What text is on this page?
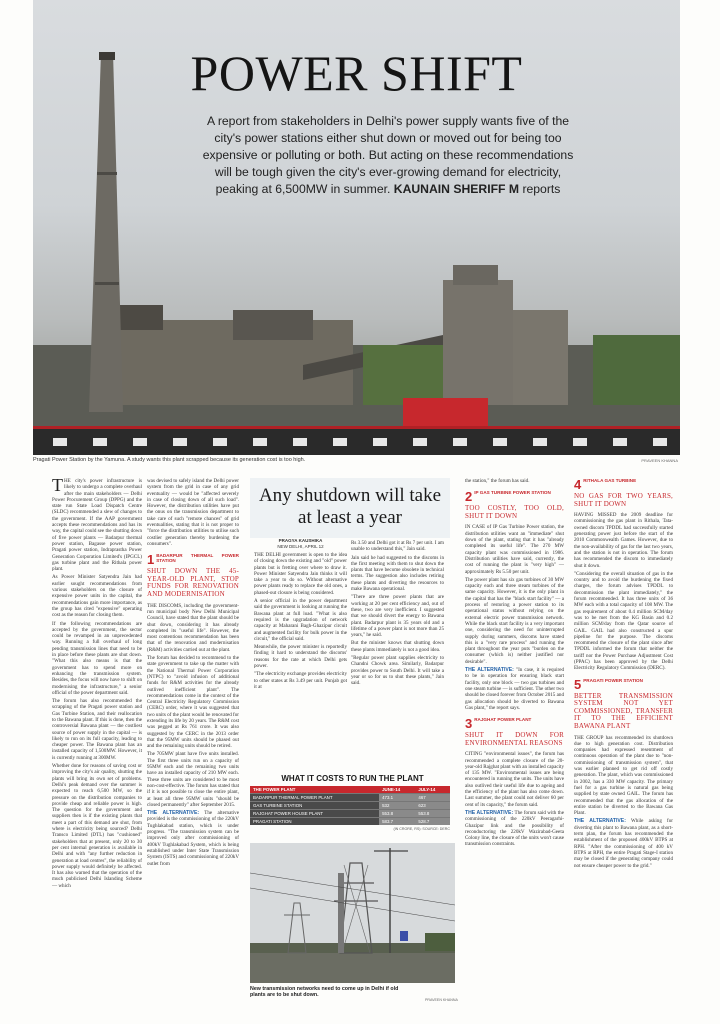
POWER SHIFT
A report from stakeholders in Delhi's power supply wants five of the city's power stations either shut down or moved out for being too expensive or polluting or both. But acting on these recommendations will be tough given the city's ever-growing demand for electricity, peaking at 6,500MW in summer. KAUNAIN SHERIFF M reports
Pragati Power Station by the Yamuna. A study wants this plant scrapped because its generation cost is too high.	PRAVEEN KHANNA

THE city's power infrastructure is likely to undergo a complete overhaul after the main stakeholders — Delhi Power Procurement Group (DPPG) and the state run State Load Dispatch Centre (SLDC) recommended a slew of changes to the government. If the AAP government accepts these recommendations and has its way, the capital could see the shutting down of five power plants — Badarpur thermal power station, Bagasse power station, Pragati power station, Indraprastha Power Generation Corporation Limited's (IPGCL) gas turbine plant and the Rithala power plant.

As Power Minister Satyendra Jain had earlier sought recommendations from various stakeholders on the closure of expensive power units in the capital, the recommendations gain more importance, as the group has cited "expensive" operating cost as the reason for closing them.

If the following recommendations are accepted by the government, the sector could be revamped in an unprecedented way. Running a full overhaul of long pending transmission lines that need to be in place before these plants are shut down. "What this also means is that the government has to spend more on enhancing the transmission system. Besides, the focus will now have to shift on modernising the infrastructure," a senior official of the power department said.

The forum has also recommended the scrapping of the Pragati power station and Gas Turbine Station, and their reallocation to the Bawana plant. If this is done, then the controversial Bawana plant — the costliest source of power supply in the capital — is likely to run on its full capacity, leading to cheaper power. The Bawana plant has an installed capacity of 1,500MW. However, it is currently running at 300MW.

Whether done for reasons of saving cost or improving the city's air quality, shutting the plants will bring its own set of problems. Delhi's peak demand over the summer is expected to reach 6,500 MW, so the pressure on the distribution companies to provide cheap and reliable power is high. The question for the government and suppliers then is if the existing plants that meet a part of this demand are shut, from where is electricity being sourced? Delhi Transco Limited (DTL) has "cushioned" stakeholders that at present, only 20 to 30 per cent internal generation is available in Delhi and with "any further reduction in generation at load centres", the reliability of power supply would definitely be affected. It has also warned that the operation of the much publicised Delhi Islanding Scheme — which

was devised to safely island the Delhi power system from the grid in case of any grid eventuality — would be "affected severely in case of closing down of all such load". However, the distribution utilities have put the onus on the transmission department to take care of such "remote chances" of grid eventualities, stating that it is not proper to "force the distribution utilities to utilise such costlier generation thereby burdening the consumers".

1 BADARPUR THERMAL POWER STATION
SHUT DOWN THE 45-YEAR-OLD PLANT, STOP FUNDS FOR RENOVATION AND MODERNISATION

THE DISCOMS, including the government-run municipal body New Delhi Municipal Council, have stated that the plant should be shut down, considering it has already completed its "useful life". However, the most contentious recommendation has been that of the renovation and modernisation (R&M) activities carried out at the plant.

The forum has decided to recommend to the state government to take up the matter with the National Thermal Power Corporation (NTPC) to "avoid infusion of additional funds for R&M activities for the already outlived inefficient plant". The recommendations come in the context of the Central Electricity Regulatory Commission (CERC) order, where it was suggested that two units of the plant would be renovated for extending its life by 20 years. The R&M cost was pegged at Rs 761 crore. It was also suggested by the CERC in the 2013 order that the 95MW units should be phased out and the remaining units should be retired.

The 705MW plant have five units installed. The first three units run on a capacity of 95MW each and the remaining two units have an installed capacity of 210 MW each. These three units are considered to be most non-cost-effective. The forum has stated that if it is not possible to close the entire plant, at least all three 95MW units "should be closed permanently" after September 2015.

THE ALTERNATIVE: The alternative provided is the commissioning of the 220kV Tughlakabad station, which is under progress. "The transmission system can be improved only after commissioning of 400kV Tughlakabad System, which is being established under Inter State Transmission System (ISTS) and commissioning of 220kV outlet from

Any shutdown will take at least a year
PRAGYA KAUSHIKA
NEW DELHI, APRIL 12

THE DELHI government is open to the idea of closing down the existing and "old" power plants but is fretting over where to draw it. Power Minister Satyendra Jain thinks it will take a year to do so. Without alternative power plants ready to replace the old ones, a phased-out closure is being considered.

A senior official in the power department said the government is looking at running the Bawana plant at full load. "What is also required is the upgradation of network capacity at Maharani Bagh-Ghazipur circuit and augmented facility for bulk power in the circuit," the official said.

Meanwhile, the power minister is reportedly finding it hard to understand the discoms' reasons for the rate at which Delhi gets power.

"The electricity exchange provides electricity to other states at Rs 3.49 per unit. Punjab got it at

Rs 3.50 and Delhi got it at Rs 7 per unit. I am unable to understand this," Jain said.

Jain said he had suggested to the discoms in the first meeting with them to shut down the plants that have become obsolete in technical terms. The suggestion also includes retiring these plants and diverting the resources to make Bawana operational.

"There are three power plants that are working at 20 per cent efficiency and, out of these, two are very inefficient. I suggested that we should divert the energy to Bawana plant. Badarpur plant is 35 years old and a lifetime of a power plant is not more than 25 years," he said.

But the minister knows that shutting down these plants immediately is not a good idea.

"Regular power plant supplies electricity to Chandni Chowk area. Similarly, Badarpur provides power to South Delhi. It will take a year or so for us to shut these plants," Jain said.

WHAT IT COSTS TO RUN THE PLANT
THE POWER PLANT	JUNE-14	JULY-14
BADARPUR THERMAL POWER PLANT	473.1	467
GAS TURBINE STATION	532	623
RAJGHAT POWER HOUSE PLANT	553.8	553.8
PRAGATI STATION	583.7	528.7
(IN CRORE, RS): SOURCE: DERC
New transmission networks need to come up in Delhi if old plants are to be shut down.
PRAVEEN KHANNA

the station," the forum has said.

2 IP GAS TURBINE POWER STATION
TOO COSTLY, TOO OLD, SHUT IT DOWN

IN CASE of IP Gas Turbine Power station, the distribution utilities want an "immediate" shut down of the plant, stating that it has "already completed its useful life". The 270 MW capacity plant was commissioned in 1986. Distribution utilities have said, currently, the cost of running the plant is "very high" — approximately Rs 5.50 per unit.

The power plant has six gas turbines of 30 MW capacity each and three steam turbines of the same capacity. However, it is the only plant in the capital that has the "black start facility" — a process of restoring a power station to its operational status without relying on the external electric power transmission network. While the black start facility is a very important one, considering the need for uninterrupted supply during summers, discoms have stated this is a "very rare process" and running the plant throughout the year puts "burden on the consumer (which is) neither justified nor desirable".

THE ALTERNATIVE: "In case, it is required to be in operation for ensuring black start facility, only one block — two gas turbines and one steam turbine — is sufficient. The other two should be closed forever from October 2015 and gas allocation should be diverted to Bawana Gas plant," the report says.

3 RAJGHAT POWER PLANT
SHUT IT DOWN FOR ENVIRONMENTAL REASONS

CITING "environmental issues", the forum has recommended a complete closure of the 20-year-old Rajghat plant with an installed capacity of 135 MW. "Environmental issues are being encountered in running the units. The units have also outlived their useful life due to ageing and the efficiency of the plant has also come down. Last summer, the plant could not deliver 60 per cent of its capacity," the forum said.

THE ALTERNATIVE: The forum said with the commissioning of the 220kV Peeragarhi-Ghazipur link and the possibility of reconductoring the 220kV Wazirabad-Geeta Colony line, the closure of the units won't cause transmission constraints.

4 RITHALA GAS TURBINE
NO GAS FOR TWO YEARS, SHUT IT DOWN

HAVING MISSED the 2009 deadline for commissioning the gas plant in Rithala, Tata-owned discom TPDDL had successfully started generating power just before the start of the 2010 Commonwealth Games. However, due to the non-availability of gas for the last two years, and the station is not in operation. The forum has recommended the discom to immediately shut it down.

"Considering the overall situation of gas in the country and to avoid the burdening the fixed charges, the forum advises TPDDL to decommission the plant immediately," the forum recommended. It has three units of 36 MW each with a total capacity of 108 MW. The gas requirement of about 0.4 million SCM/day was to be met from the KG Basin and 0.2 million SCM/day from the Qatar source of GAIL. GAIL had also constructed a spur pipeline for the purpose. The discoms recommend the closure of the plant since after TPDDL informed the forum that neither the tariff nor the Power Purchase Adjustment Cost (PPAC) has been approved by the Delhi Electricity Regulatory Commission (DERC).

5 PRAGATI POWER STATION
BETTER TRANSMISSION SYSTEM NOT YET COMMISSIONED, TRANSFER IT TO THE EFFICIENT BAWANA PLANT

THE GROUP has recommended its shutdown due to high generation cost. Distribution companies had expressed resentment of continuous operation of the plant due to "non-commissioning of transmission system", that was earlier planned to get rid off costly generation. The plant, which was commissioned in 2002, has a 330 MW capacity. The primary fuel for a gas turbine is natural gas being supplied by state owned GAIL. The forum has recommended that the gas allocation of the entire station be diverted to the Bawana Gas Plant.

THE ALTERNATIVE: While asking for diverting this plant to Bawana plant, as a short-term plan, the forum has recommended the establishment of the proposed 400kV BTPS at RPH. "After the commissioning of 400 kV BTPS at RPH, the entire Pragati Stage-I station may be closed if the generating company could not ensure cheaper power to the grid."
